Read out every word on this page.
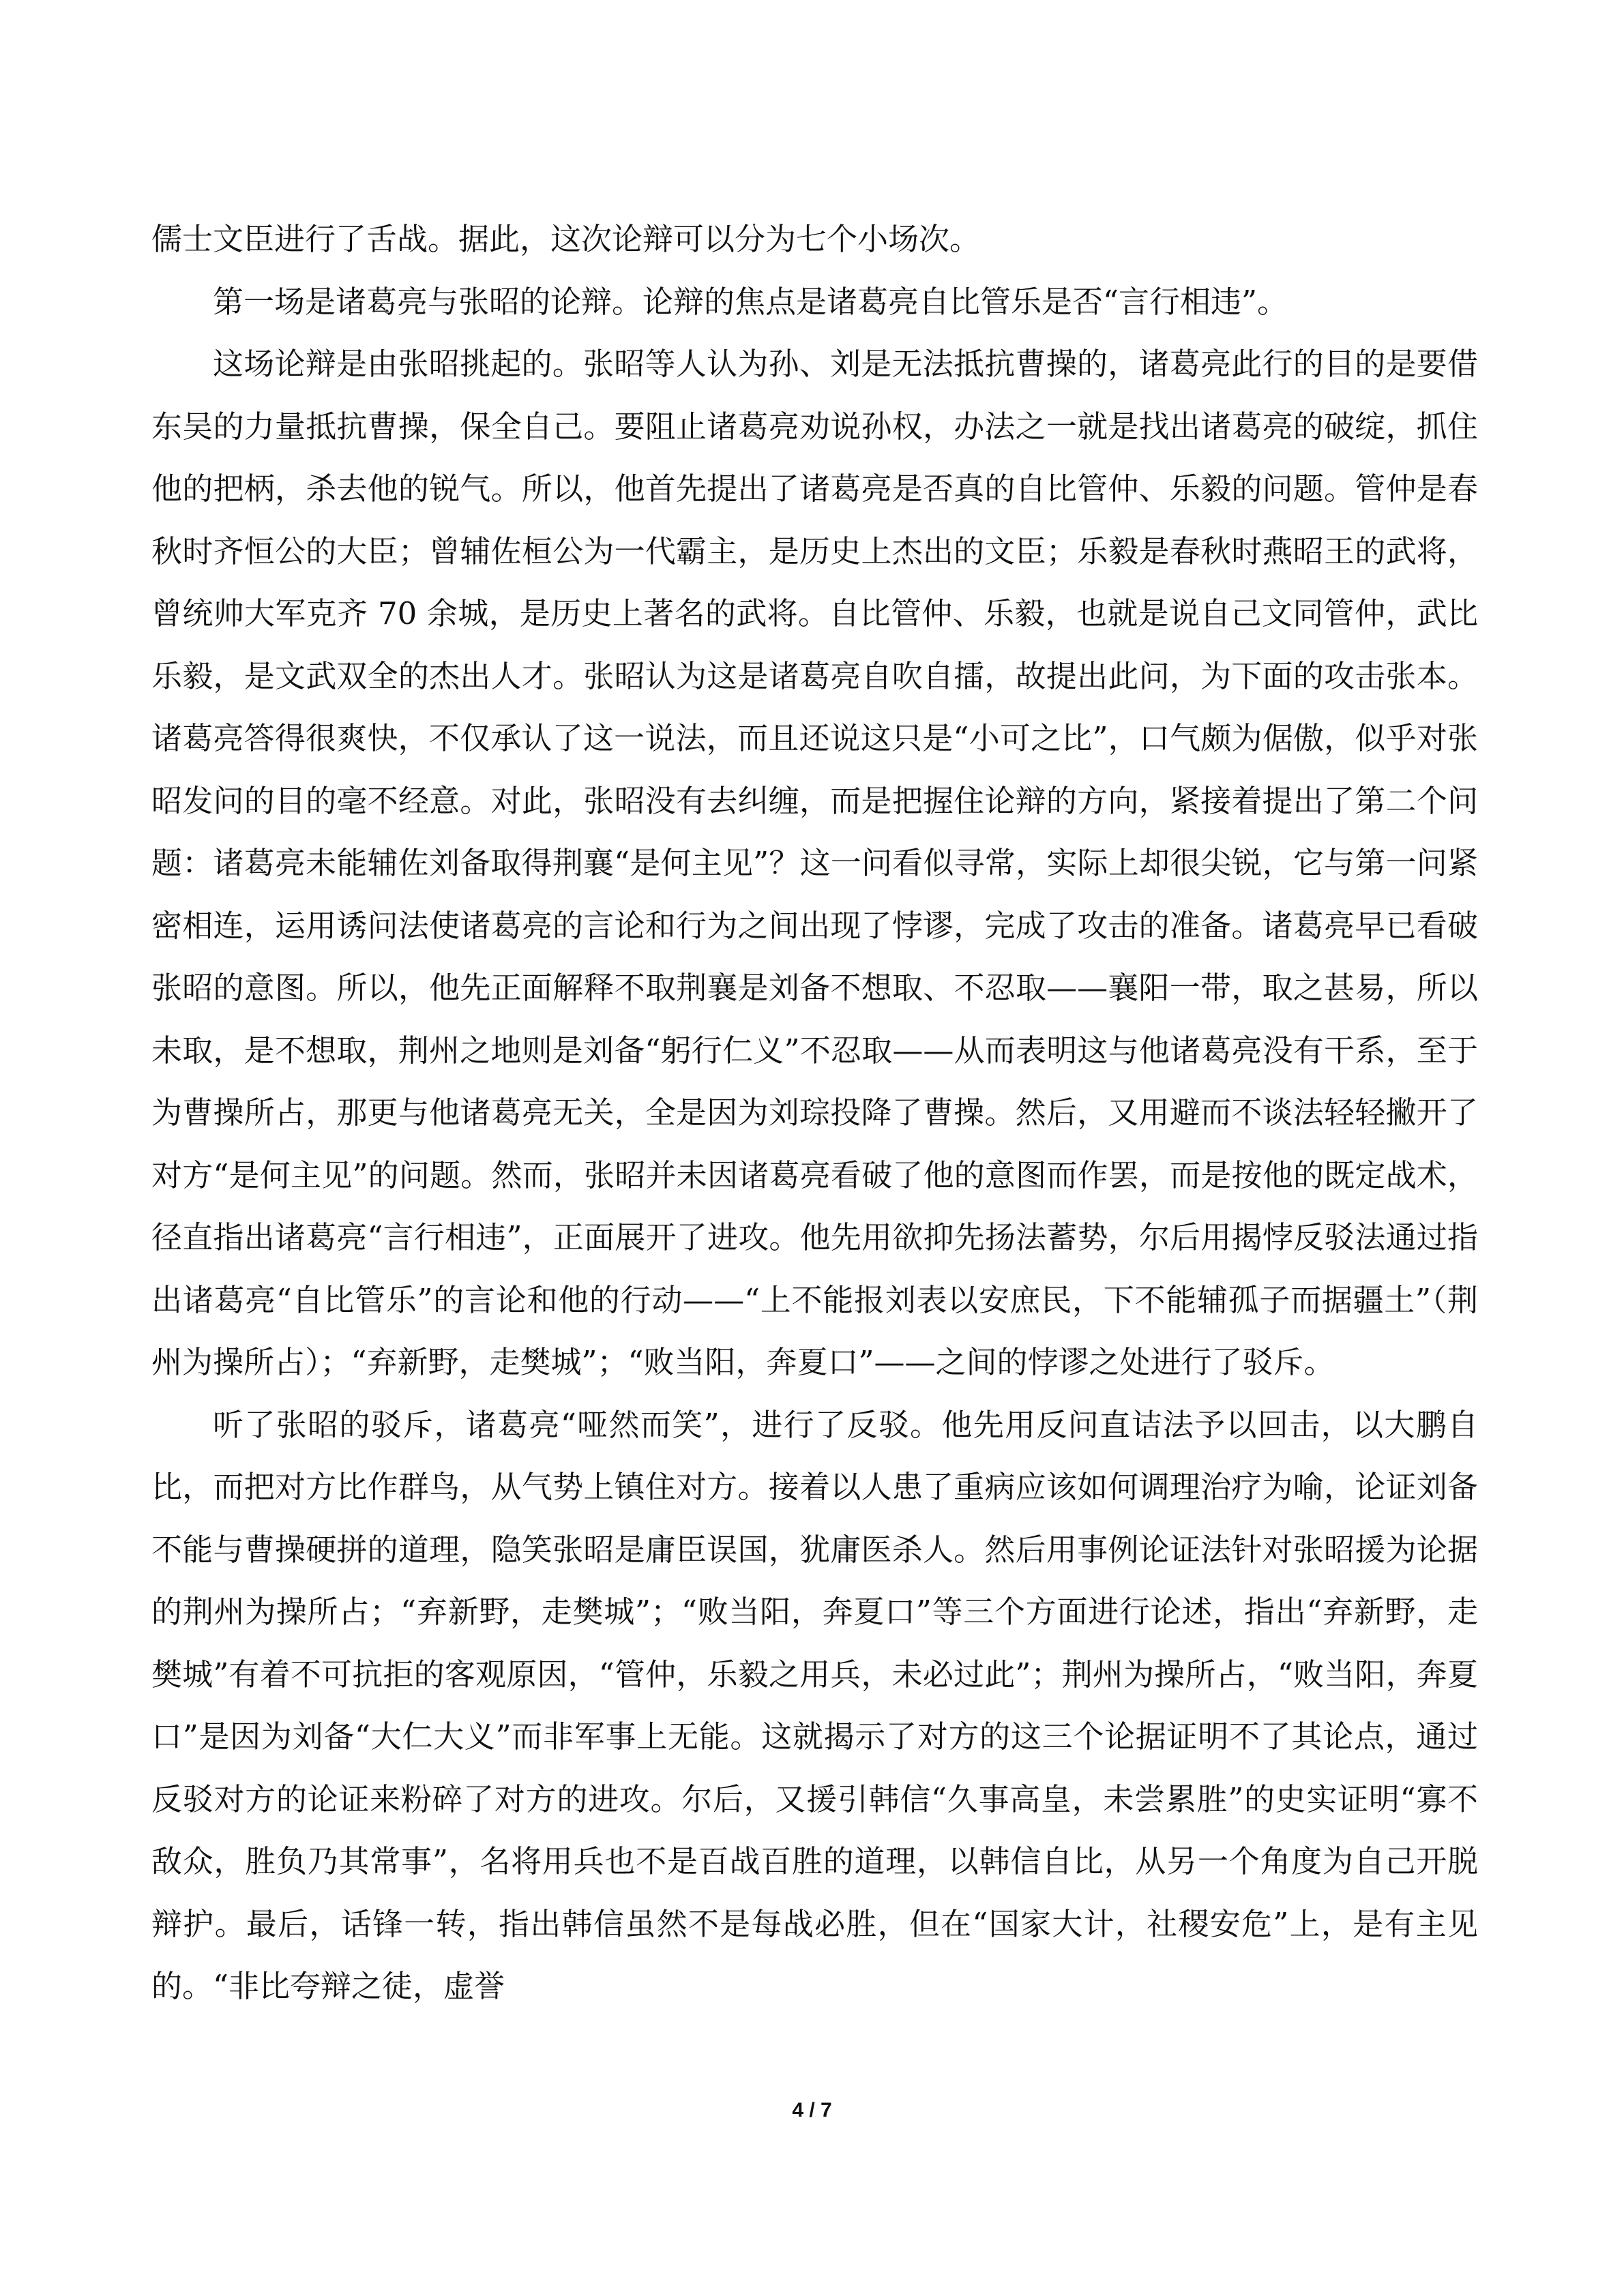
儒士文臣进行了舌战。据此，这次论辩可以分为七个小场次。

第一场是诸葛亮与张昭的论辩。论辩的焦点是诸葛亮自比管乐是否“言行相违”。

这场论辩是由张昭挑起的。张昭等人认为孙、刘是无法抵抗曹操的，诸葛亮此行的目的是要借东吴的力量抵抗曹操，保全自己。要阻止诸葛亮劝说孙权，办法之一就是找出诸葛亮的破绽，抓住他的把柄，杀去他的锐气。所以，他首先提出了诸葛亮是否真的自比管仲、乐毅的问题。管仲是春秋时齐恒公的大臣；曾辅佐桓公为一代霸主，是历史上杰出的文臣；乐毅是春秋时燕昭王的武将，曾统帅大军克齐 70 余城，是历史上著名的武将。自比管仲、乐毅，也就是说自己文同管仲，武比乐毅，是文武双全的杰出人才。张昭认为这是诸葛亮自吹自擂，故提出此问，为下面的攻击张本。诸葛亮答得很爽快，不仅承认了这一说法，而且还说这只是“小可之比”，口气颇为倨傲，似乎对张昭发问的目的毫不经意。对此，张昭没有去纠缠，而是把握住论辩的方向，紧接着提出了第二个问题：诸葛亮未能辅佐刘备取得荆襄“是何主见”？这一问看似寻常，实际上却很尖锐，它与第一问紧密相连，运用诱问法使诸葛亮的言论和行为之间出现了悖谬，完成了攻击的准备。诸葛亮早已看破张昭的意图。所以，他先正面解释不取荆襄是刘备不想取、不忍取——襄阳一带，取之甚易，所以未取，是不想取，荆州之地则是刘备“躬行仁义”不忍取——从而表明这与他诸葛亮没有干系，至于为曹操所占，那更与他诸葛亮无关，全是因为刘琮投降了曹操。然后，又用避而不谈法轻轻撇开了对方“是何主见”的问题。然而，张昭并未因诸葛亮看破了他的意图而作罢，而是按他的既定战术，径直指出诸葛亮“言行相违”，正面展开了进攻。他先用欲抑先扬法蓄势，尔后用揭悖反驳法通过指出诸葛亮“自比管乐”的言论和他的行动——“上不能报刘表以安庶民，下不能辅孤子而据疆土”（荆州为操所占）；“弃新野，走樊城”；“败当阳，奔夏口”——之间的悖谬之处进行了驳斥。

听了张昭的驳斥，诸葛亮“哑然而笑”，进行了反驳。他先用反问直诘法予以回击，以大鹏自比，而把对方比作群鸟，从气势上镇住对方。接着以人患了重病应该如何调理治疗为喻，论证刘备不能与曹操硬拼的道理，隐笑张昭是庸臣误国，犹庸医杀人。然后用事例论证法针对张昭援为论据的荆州为操所占；“弃新野，走樊城”；“败当阳，奔夏口”等三个方面进行论述，指出“弃新野，走樊城”有着不可抗拒的客观原因，“管仲，乐毅之用兵，未必过此”；荆州为操所占，“败当阳，奔夏口”是因为刘备“大仁大义”而非军事上无能。这就揭示了对方的这三个论据证明不了其论点，通过反驳对方的论证来粉碎了对方的进攻。尔后，又援引韩信“久事高皇，未尝累胜”的史实证明“寡不敌众，胜负乃其常事”，名将用兵也不是百战百胜的道理，以韩信自比，从另一个角度为自己开脱辩护。最后，话锋一转，指出韩信虽然不是每战必胜，但在“国家大计，社稷安危”上，是有主见的。“非比夸辩之徒，虚誉

4 / 7
